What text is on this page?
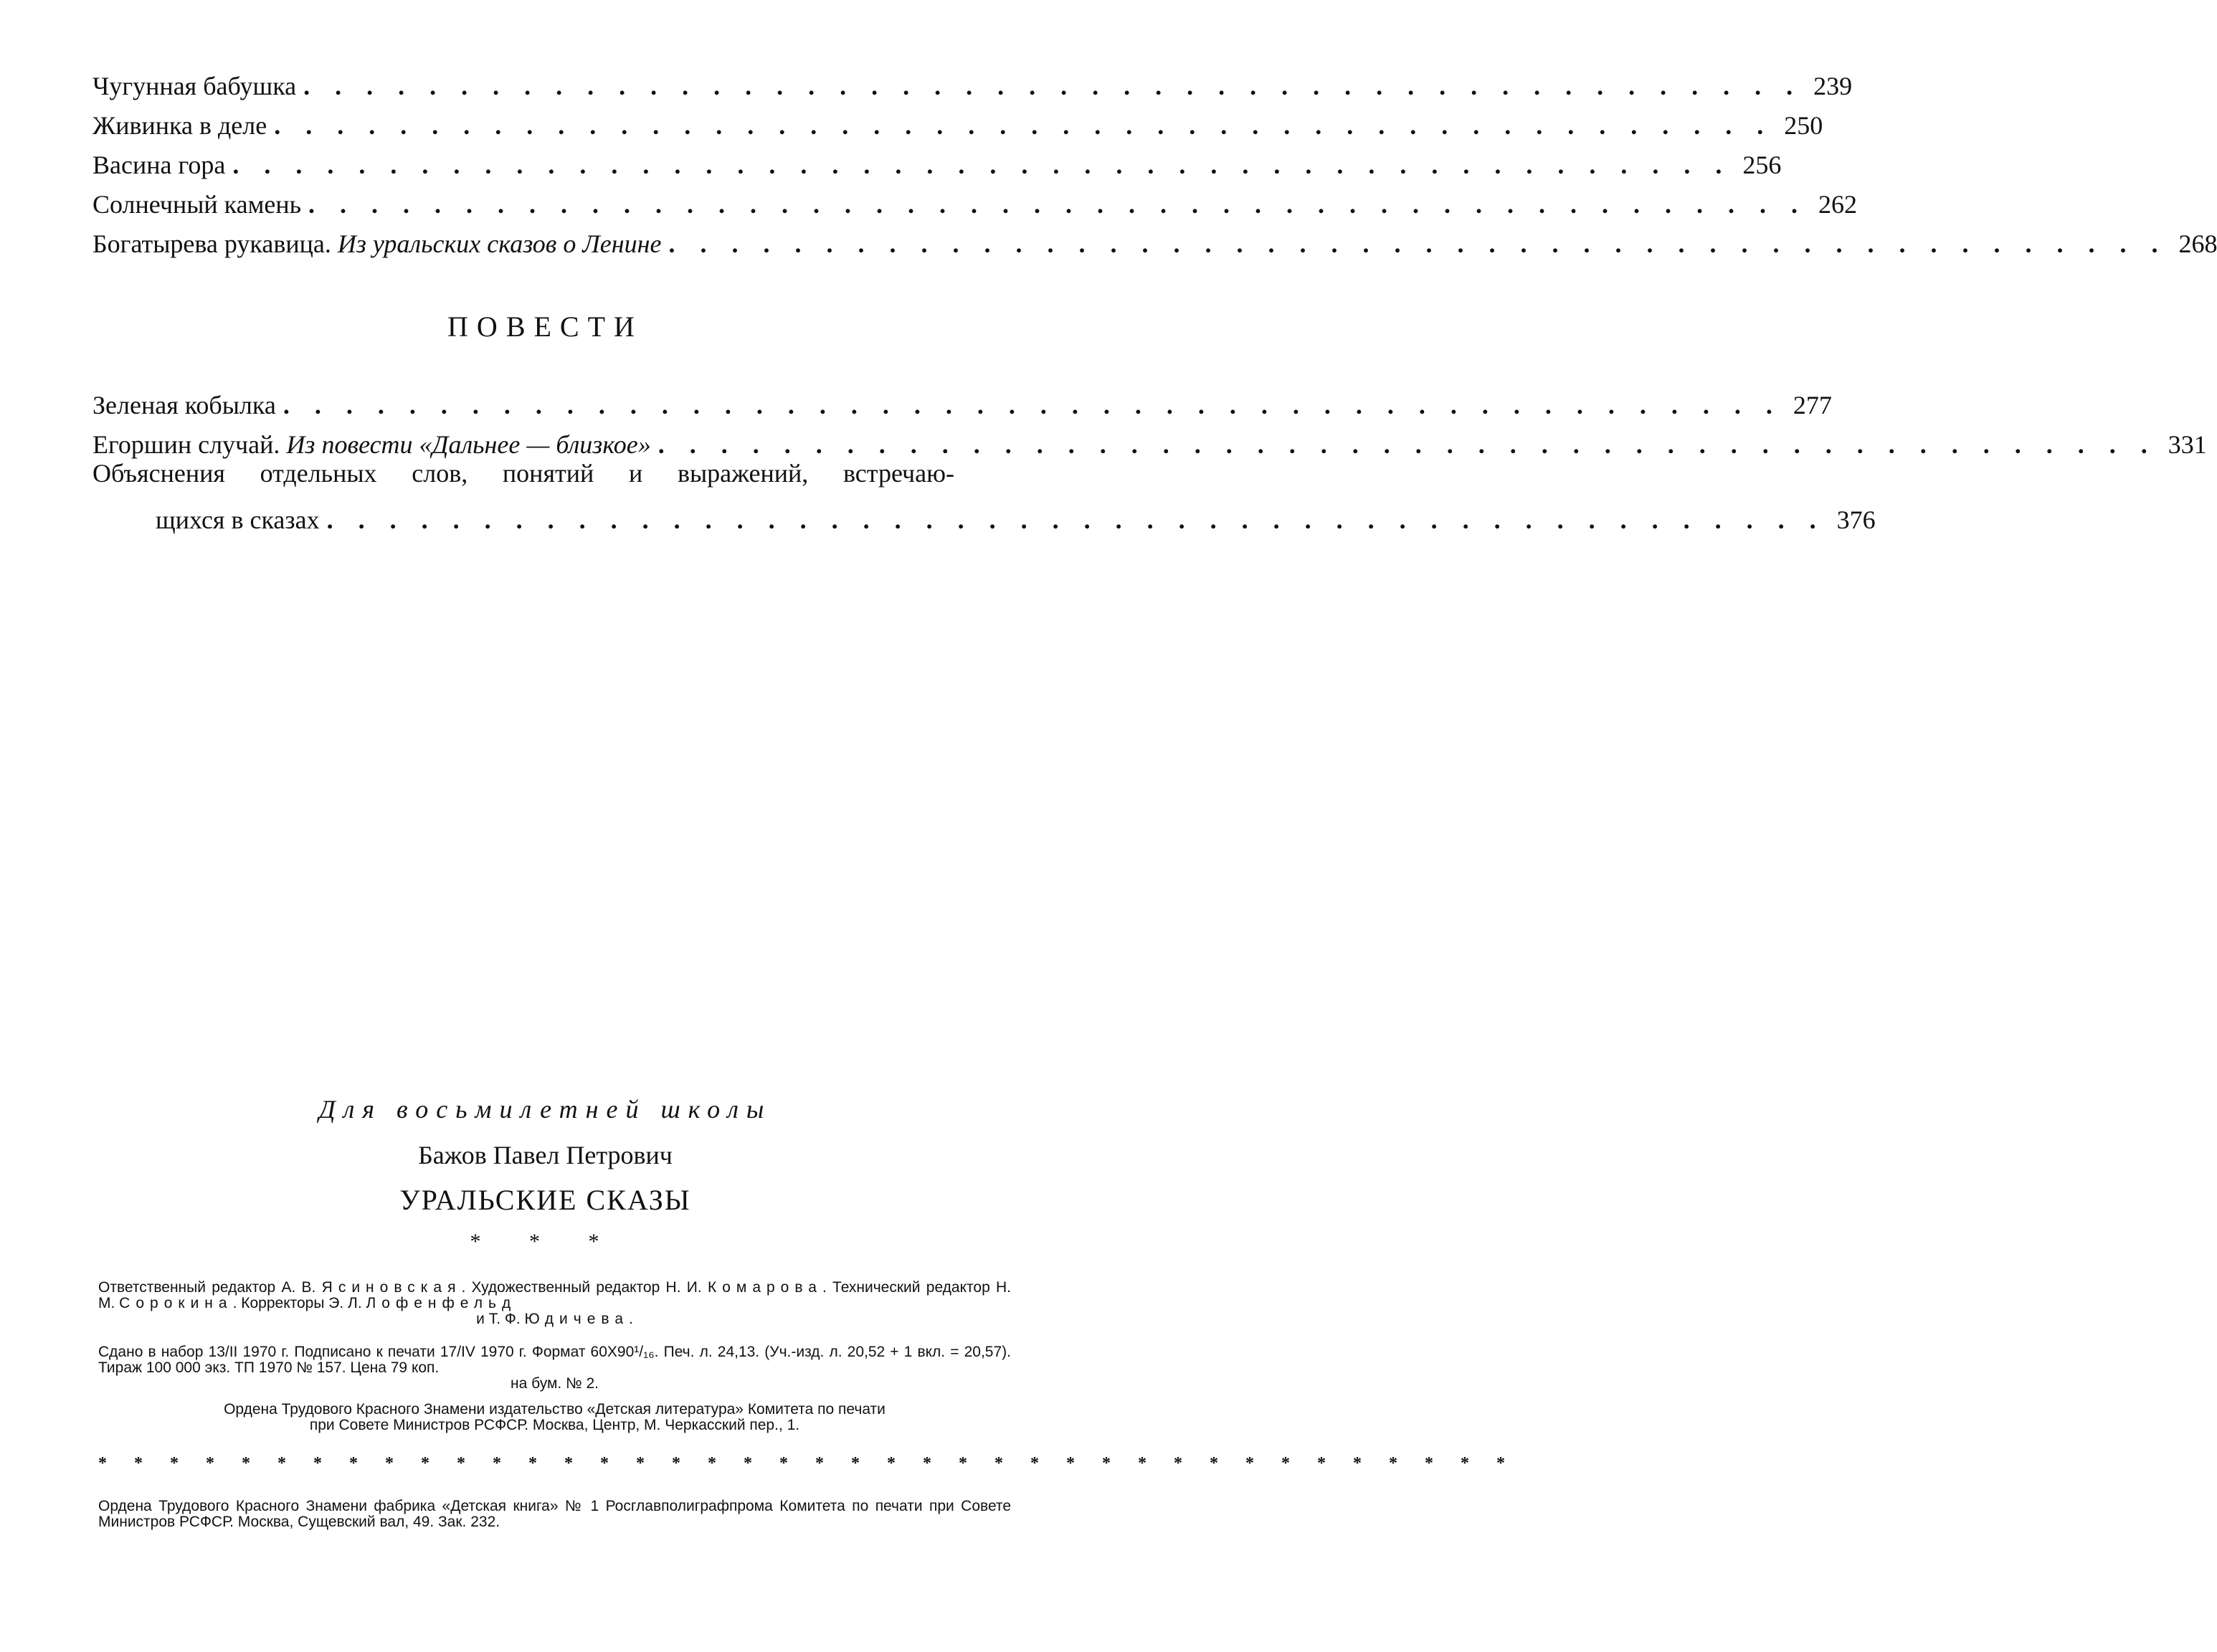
Чугунная бабушка . . . . . . . . . . . . . . . . . . . . . . . . . . . . . . . . . . . . . . . . . . . . . . . . 239
Живинка в деле . . . . . . . . . . . . . . . . . . . . . . . . . . . . . . . . . . . . . . . . . . . . . . . . 250
Васина гора . . . . . . . . . . . . . . . . . . . . . . . . . . . . . . . . . . . . . . . . . . . . . . . . 256
Солнечный камень . . . . . . . . . . . . . . . . . . . . . . . . . . . . . . . . . . . . . . . . . . . . . . . . 262
Богатырева рукавица. Из уральских сказов о Ленине . . . . . . . . . . . . . . . . . . . . . . . . . . . . . . . . . . . . . . . . . . . . . . . . 268
ПОВЕСТИ
Зеленая кобылка . . . . . . . . . . . . . . . . . . . . . . . . . . . . . . . . . . . . . . . . . . . . . . . . 277
Егоршин случай. Из повести «Дальнее — близкое» . . . . . . . . . . . . . . . . . . . . . . . . . . . . . . . . . . . . . . . . . . . . . . . . 331
Объяснения отдельных слов, понятий и выражений, встречаю-
щихся в сказах . . . . . . . . . . . . . . . . . . . . . . . . . . . . . . . . . . . . . . . . . . . . . . . . 376
Для восьмилетней школы
Бажов Павел Петрович
УРАЛЬСКИЕ СКАЗЫ
* * *
Ответственный редактор А. В. Ясиновская. Художественный редактор Н. И. Комарова. Технический редактор Н. М. Сорокина. Корректоры Э. Л. Лофенфельд
и Т. Ф. Юдичева.
Сдано в набор 13/II 1970 г. Подписано к печати 17/IV 1970 г. Формат 60Х90¹/₁₆. Печ. л. 24,13. (Уч.-изд. л. 20,52 + 1 вкл. = 20,57). Тираж 100 000 экз. ТП 1970 № 157. Цена 79 коп.
на бум. № 2.
Ордена Трудового Красного Знамени издательство «Детская литература» Комитета по печати
при Совете Министров РСФСР. Москва, Центр, М. Черкасский пер., 1.
* * * * * * * * * * * * * * * * * * * * * * * * * * * * * * * * * * * * * * * *
Ордена Трудового Красного Знамени фабрика «Детская книга» № 1 Росглавполиграфпрома Комитета по печати при Совете Министров РСФСР. Москва, Сущевский вал, 49. Зак. 232.
